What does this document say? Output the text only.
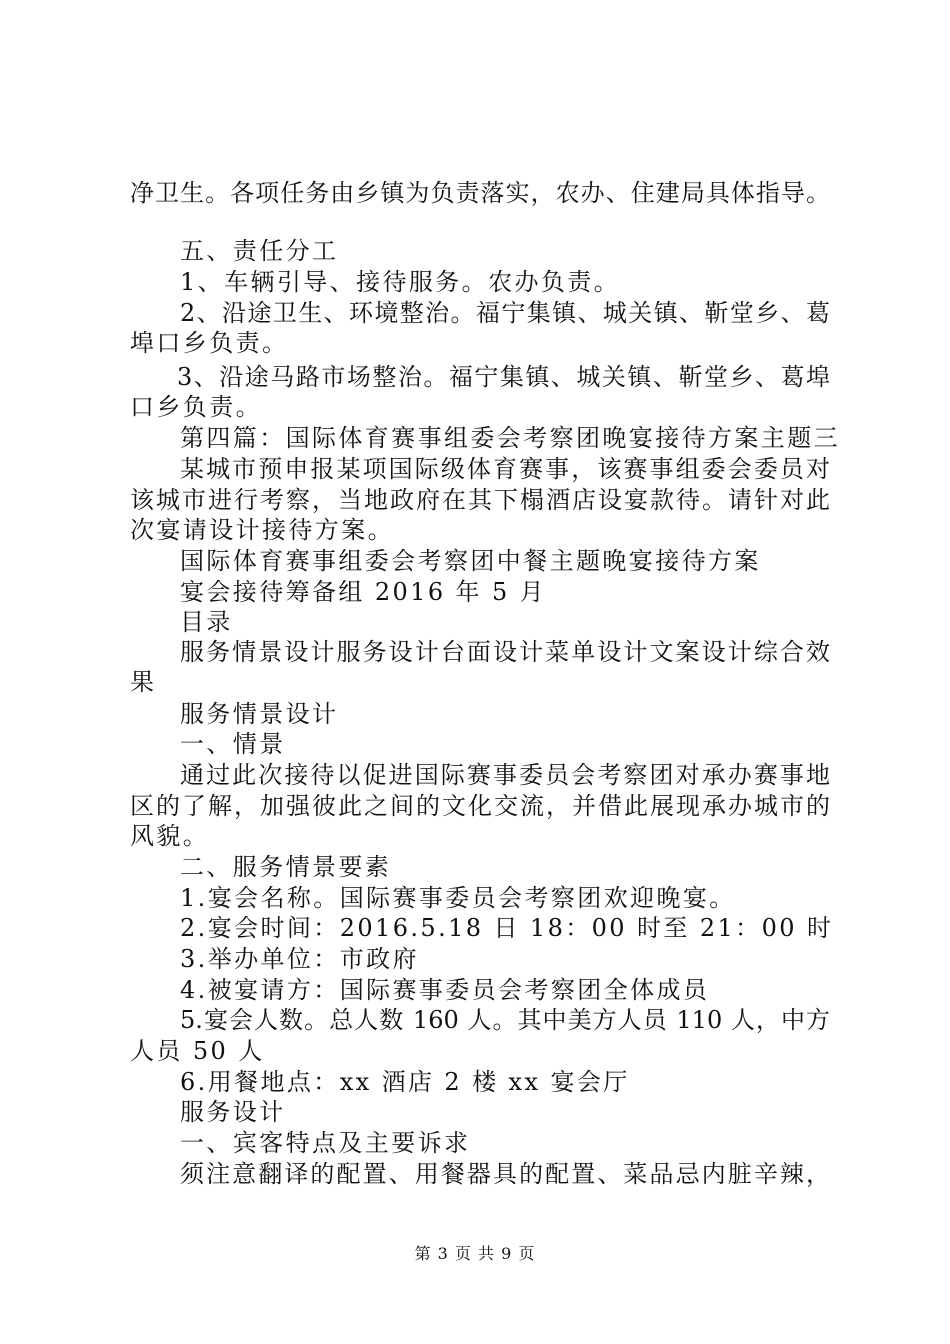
净卫生。各项任务由乡镇为负责落实，农办、住建局具体指导。
五、责任分工
1、车辆引导、接待服务。农办负责。
2、沿途卫生、环境整治。福宁集镇、城关镇、靳堂乡、葛
埠口乡负责。
3、沿途马路市场整治。福宁集镇、城关镇、靳堂乡、葛埠
口乡负责。
第四篇：国际体育赛事组委会考察团晚宴接待方案主题三
某城市预申报某项国际级体育赛事，该赛事组委会委员对
该城市进行考察，当地政府在其下榻酒店设宴款待。请针对此
次宴请设计接待方案。
国际体育赛事组委会考察团中餐主题晚宴接待方案
宴会接待筹备组 2016 年 5 月
目录
服务情景设计服务设计台面设计菜单设计文案设计综合效
果
服务情景设计
一、情景
通过此次接待以促进国际赛事委员会考察团对承办赛事地
区的了解，加强彼此之间的文化交流，并借此展现承办城市的
风貌。
二、服务情景要素
1.宴会名称。国际赛事委员会考察团欢迎晚宴。
2.宴会时间：2016.5.18 日 18：00 时至 21：00 时
3.举办单位：市政府
4.被宴请方：国际赛事委员会考察团全体成员
5.宴会人数。总人数 160 人。其中美方人员 110 人，中方
人员 50 人
6.用餐地点：xx 酒店 2 楼 xx 宴会厅
服务设计
一、宾客特点及主要诉求
须注意翻译的配置、用餐器具的配置、菜品忌内脏辛辣，
第 3 页 共 9 页
